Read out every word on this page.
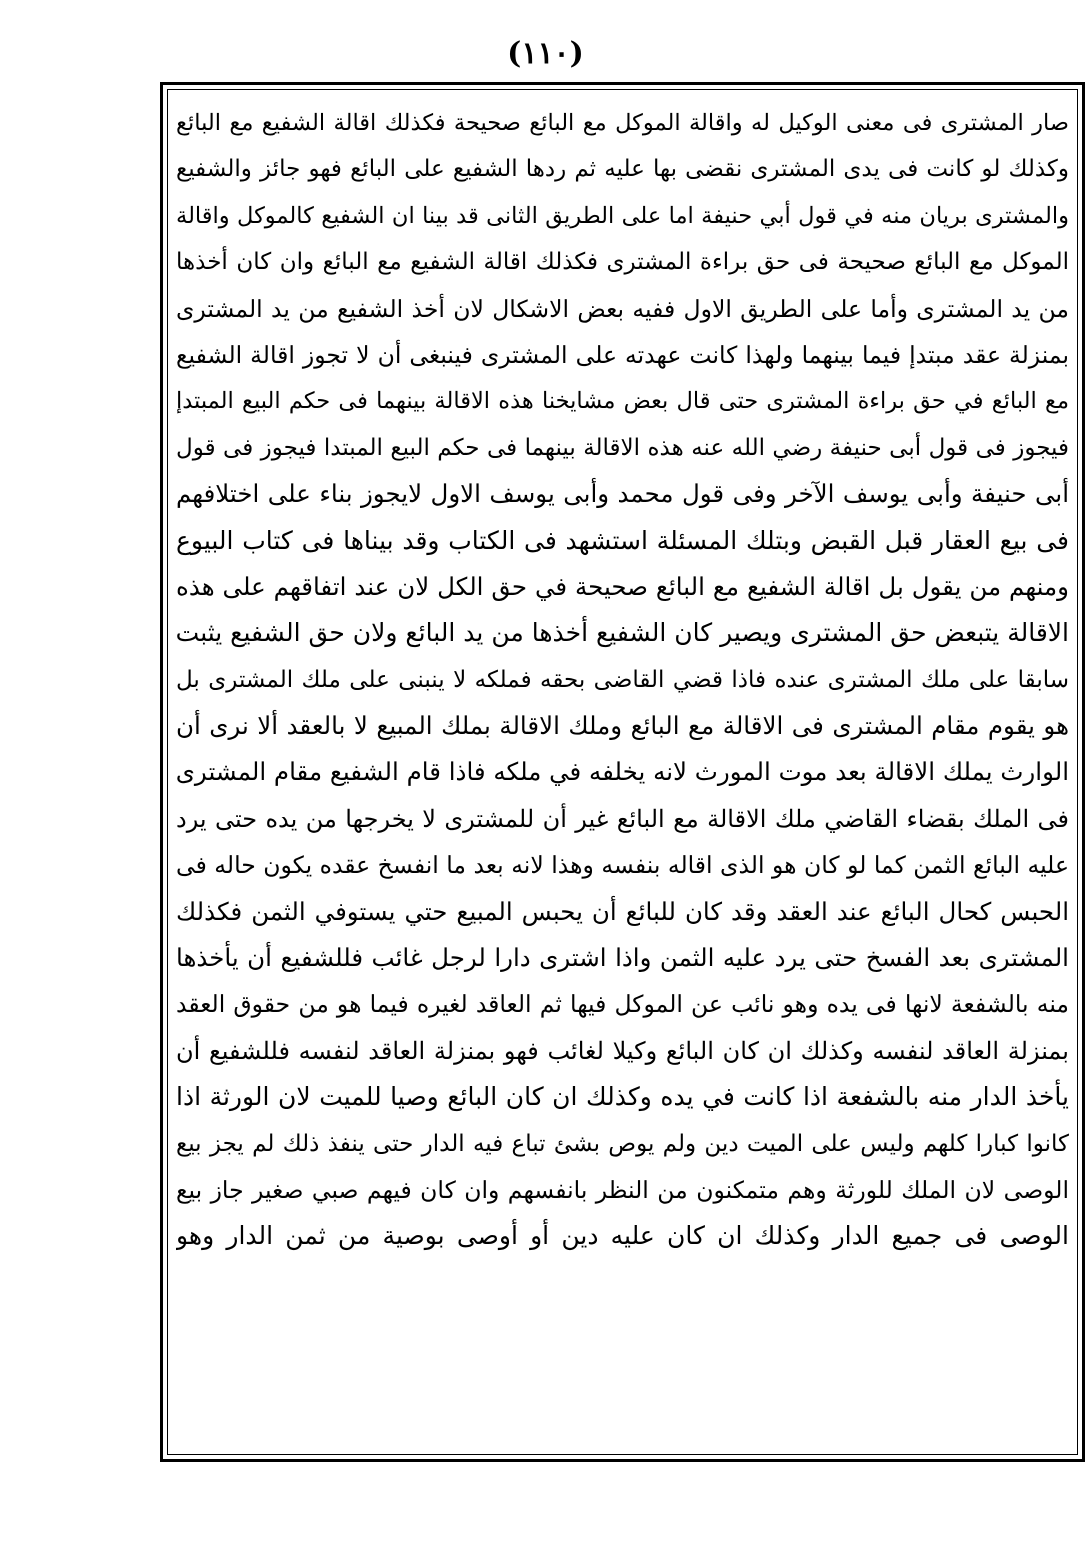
(١١٠)
صار المشترى فى معنى الوكيل له واقالة الموكل مع البائع صحيحة فكذلك اقالة الشفيع مع البائع
وكذلك لو كانت فى يدى المشترى نقضى بها عليه ثم ردها الشفيع على البائع فهو جائز والشفيع
والمشترى بريان منه في قول أبي حنيفة اما على الطريق الثانى قد بينا ان الشفيع كالموكل واقالة
الموكل مع البائع صحيحة فى حق براءة المشترى فكذلك اقالة الشفيع مع البائع وان كان أخذها
من يد المشترى وأما على الطريق الاول ففيه بعض الاشكال لان أخذ الشفيع من يد المشترى
بمنزلة عقد مبتدإ فيما بينهما ولهذا كانت عهدته على المشترى فينبغى أن لا تجوز اقالة الشفيع
مع البائع في حق براءة المشترى حتى قال بعض مشايخنا هذه الاقالة بينهما فى حكم البيع المبتدإ
فيجوز فى قول أبى حنيفة رضي الله عنه هذه الاقالة بينهما فى حكم البيع المبتدا فيجوز فى قول
أبى حنيفة وأبى يوسف الآخر وفى قول محمد وأبى يوسف الاول لايجوز بناء على اختلافهم
فى بيع العقار قبل القبض وبتلك المسئلة استشهد فى الكتاب وقد بيناها فى كتاب البيوع
ومنهم من يقول بل اقالة الشفيع مع البائع صحيحة في حق الكل لان عند اتفاقهم على هذه
الاقالة يتبعض حق المشترى ويصير كان الشفيع أخذها من يد البائع ولان حق الشفيع يثبت
سابقا على ملك المشترى عنده فاذا قضي القاضى بحقه فملكه لا ينبنى على ملك المشترى بل
هو يقوم مقام المشترى فى الاقالة مع البائع وملك الاقالة بملك المبيع لا بالعقد ألا نرى أن
الوارث يملك الاقالة بعد موت المورث لانه يخلفه في ملكه فاذا قام الشفيع مقام المشترى
فى الملك بقضاء القاضي ملك الاقالة مع البائع غير أن للمشترى لا يخرجها من يده حتى يرد
عليه البائع الثمن كما لو كان هو الذى اقاله بنفسه وهذا لانه بعد ما انفسخ عقده يكون حاله فى
الحبس كحال البائع عند العقد وقد كان للبائع أن يحبس المبيع حتي يستوفي الثمن فكذلك
المشترى بعد الفسخ حتى يرد عليه الثمن واذا اشترى دارا لرجل غائب فللشفيع أن يأخذها
منه بالشفعة لانها فى يده وهو نائب عن الموكل فيها ثم العاقد لغيره فيما هو من حقوق العقد
بمنزلة العاقد لنفسه وكذلك ان كان البائع وكيلا لغائب فهو بمنزلة العاقد لنفسه فللشفيع أن
يأخذ الدار منه بالشفعة اذا كانت في يده وكذلك ان كان البائع وصيا للميت لان الورثة اذا
كانوا كبارا كلهم وليس على الميت دين ولم يوص بشئ تباع فيه الدار حتى ينفذ ذلك لم يجز بيع
الوصى لان الملك للورثة وهم متمكنون من النظر بانفسهم وان كان فيهم صبي صغير جاز بيع
الوصى فى جميع الدار وكذلك ان كان عليه دين أو أوصى بوصية من ثمن الدار وهو
